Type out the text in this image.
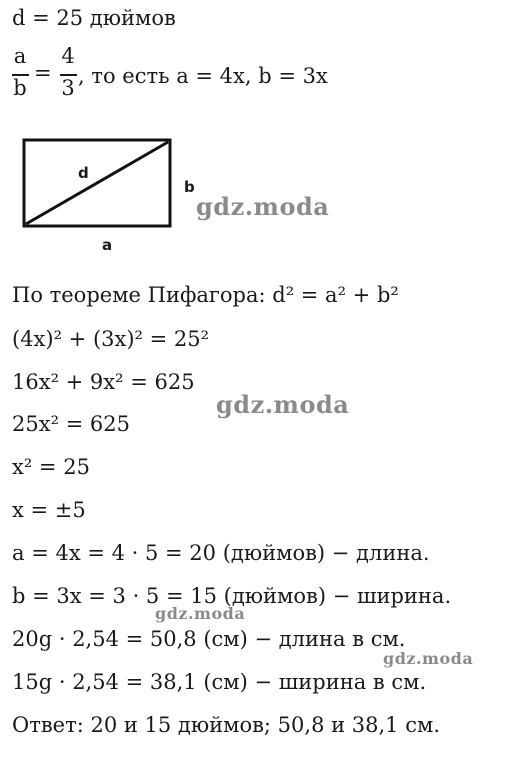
d = 25 дюймов
a
b
=
4
3 , то есть a = 4x, b = 3x
d
b
a
По теореме Пифагора: d² = a² + b²
(4x)² + (3x)² = 25²
16x² + 9x² = 625
25x² = 625
x² = 25
x = ±5
a = 4x = 4 · 5 = 20 (дюймов) − длина.
b = 3x = 3 · 5 = 15 (дюймов) − ширина.
20g · 2,54 = 50,8 (см) − длина в см.
15g · 2,54 = 38,1 (см) − ширина в см.
Ответ: 20 и 15 дюймов; 50,8 и 38,1 см.
gdz.moda
gdz.moda
gdz.moda
gdz.moda
